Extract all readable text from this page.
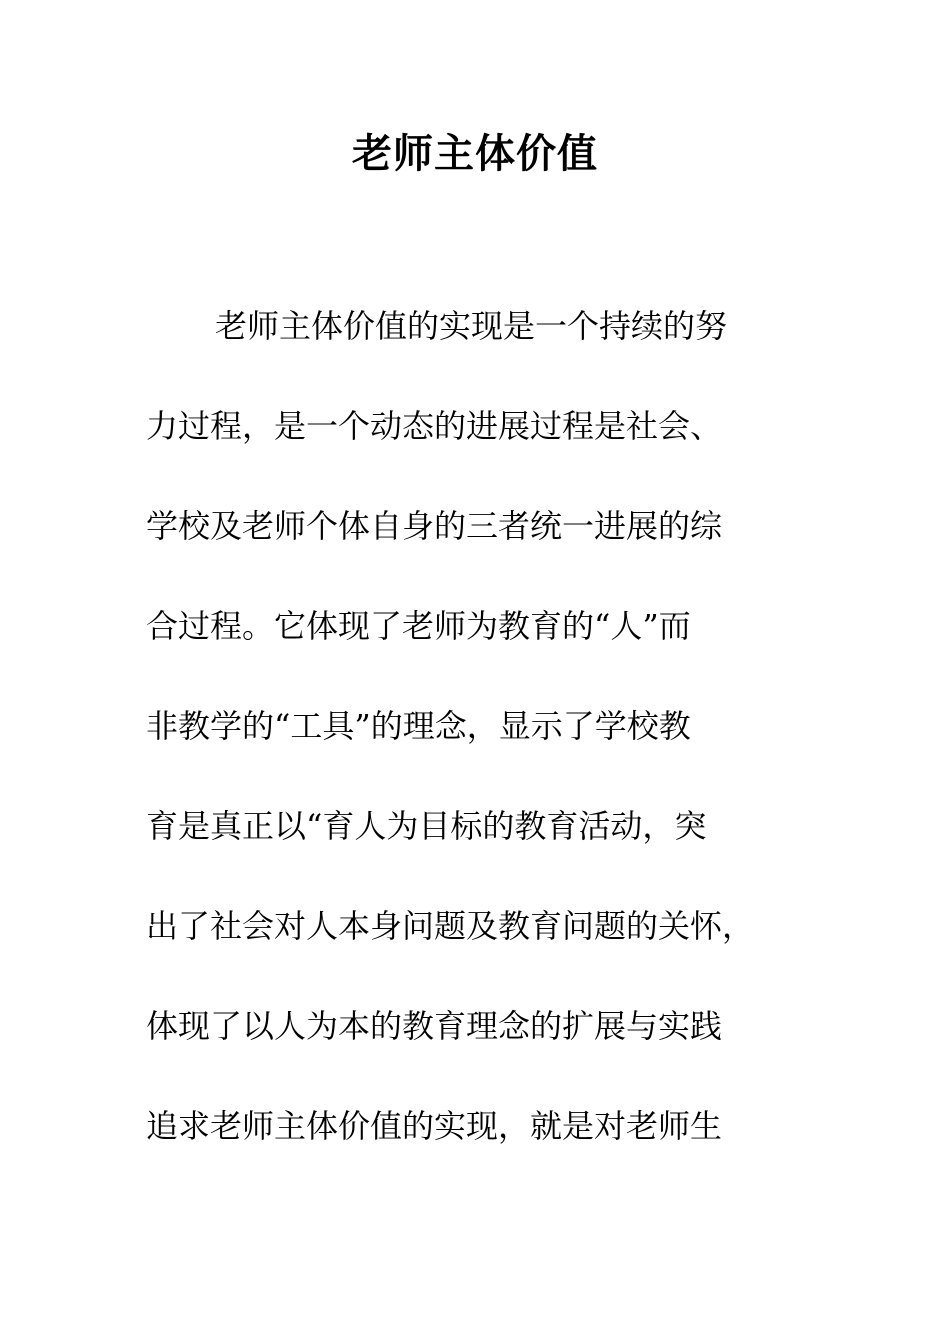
老师主体价值
老师主体价值的实现是一个持续的努
力过程，是一个动态的进展过程是社会、
学校及老师个体自身的三者统一进展的综
合过程。它体现了老师为教育的“人”而
非教学的“工具”的理念，显示了学校教
育是真正以“育人为目标的教育活动，突
出了社会对人本身问题及教育问题的关怀，
体现了以人为本的教育理念的扩展与实践
追求老师主体价值的实现，就是对老师生
